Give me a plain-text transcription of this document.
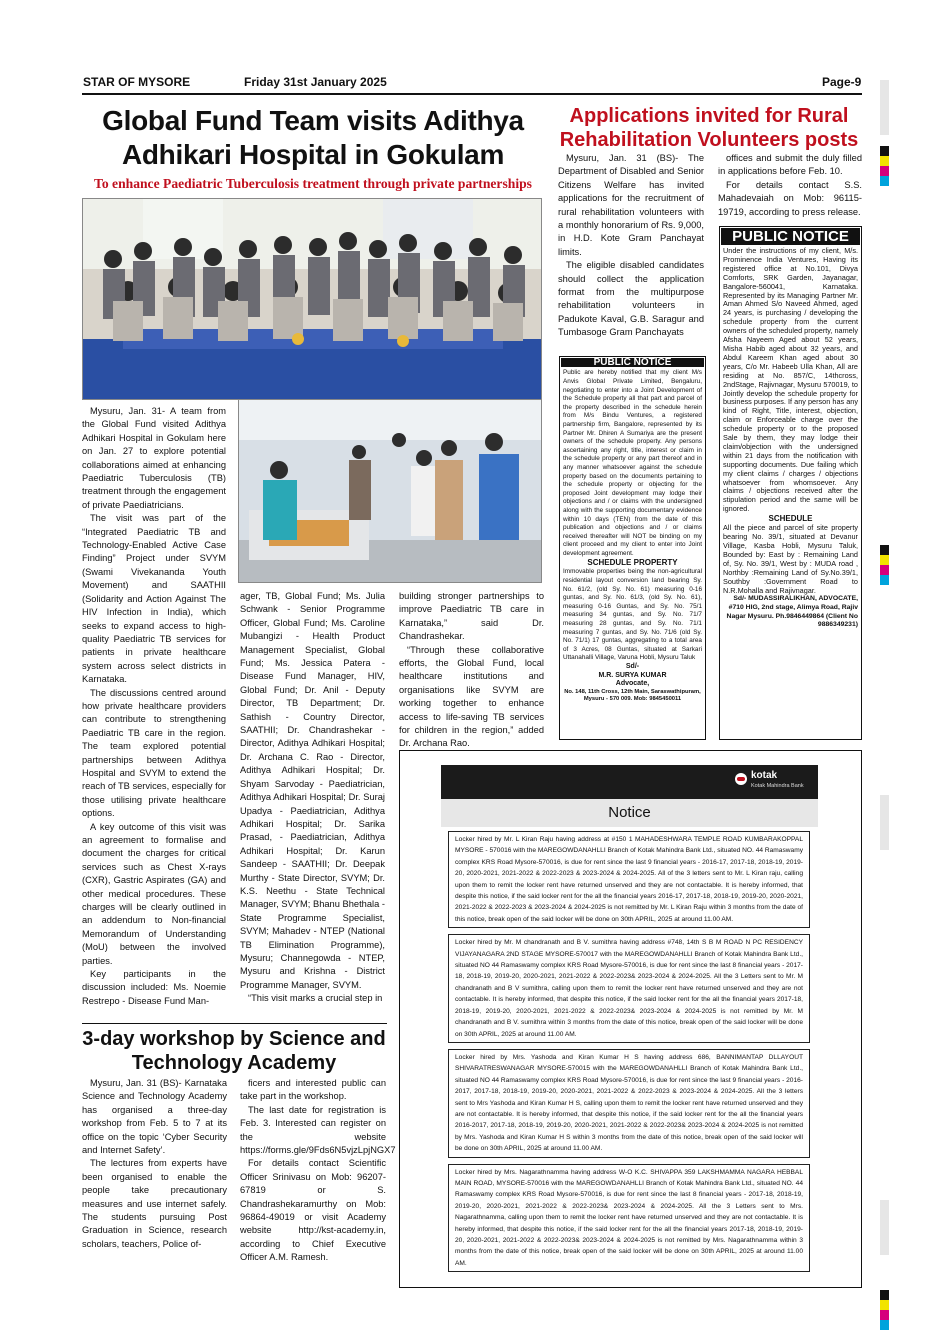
STAR OF MYSORE	Friday 31st January 2025	Page-9
Global Fund Team visits Adithya Adhikari Hospital in Gokulam
To enhance Paediatric Tuberculosis treatment through private partnerships

Mysuru, Jan. 31- A team from the Global Fund visited Adithya Adhikari Hospital in Gokulam here on Jan. 27 to explore potential collaborations aimed at enhancing Paediatric Tuberculosis (TB) treatment through the engagement of private Paediatricians.

The visit was part of the “Integrated Paediatric TB and Technology-Enabled Active Case Finding” Project under SVYM (Swami Vivekananda Youth Movement) and SAATHII (Solidarity and Action Against The HIV Infection in India), which seeks to expand access to high-quality Paediatric TB services for patients in private healthcare system across select districts in Karnataka.

The discussions centred around how private healthcare providers can contribute to strengthening Paediatric TB care in the region. The team explored potential partnerships between Adithya Hospital and SVYM to extend the reach of TB services, especially for those utilising private healthcare options.

A key outcome of this visit was an agreement to formalise and document the charges for critical services such as Chest X-rays (CXR), Gastric Aspirates (GA) and other medical procedures. These charges will be clearly outlined in an addendum to Non-financial Memorandum of Understanding (MoU) between the involved parties.

Key participants in the discussion included: Ms. Noemie Restrepo - Disease Fund Man-

ager, TB, Global Fund; Ms. Julia Schwank - Senior Programme Officer, Global Fund; Ms. Caroline Mubangizi - Health Product Management Specialist, Global Fund; Ms. Jessica Patera - Disease Fund Manager, HIV, Global Fund; Dr. Anil - Deputy Director, TB Department; Dr. Sathish - Country Director, SAATHII; Dr. Chandrashekar - Director, Adithya Adhikari Hospital; Dr. Archana C. Rao - Director, Adithya Adhikari Hospital; Dr. Shyam Sarvoday - Paediatrician, Adithya Adhikari Hospital; Dr. Suraj Upadya - Paediatrician, Adithya Adhikari Hospital; Dr. Sarika Prasad, - Paediatrician, Adithya Adhikari Hospital; Dr. Karun Sandeep - SAATHII; Dr. Deepak Murthy - State Director, SVYM; Dr. K.S. Neethu - State Technical Manager, SVYM; Bhanu Bhethala - State Programme Specialist, SVYM; Mahadev - NTEP (National TB Elimination Programme), Mysuru; Channegowda - NTEP, Mysuru and Krishna - District Programme Manager, SVYM.

“This visit marks a crucial step in

building stronger partnerships to improve Paediatric TB care in Karnataka,” said Dr. Chandrashekar.

“Through these collaborative efforts, the Global Fund, local healthcare institutions and organisations like SVYM are working together to enhance access to life-saving TB services for children in the region,” added Dr. Archana Rao.

Applications invited for Rural Rehabilitation Volunteers posts

Mysuru, Jan. 31 (BS)- The Department of Disabled and Senior Citizens Welfare has invited applications for the recruitment of rural rehabilitation volunteers with a monthly honorarium of Rs. 9,000, in H.D. Kote Gram Panchayat limits.

The eligible disabled candidates should collect the application format from the multipurpose rehabilitation volunteers in Padukote Kaval, G.B. Saragur and Tumbasoge Gram Panchayats

offices and submit the duly filled in applications before Feb. 10.

For details contact S.S. Mahadevaiah on Mob: 96115-19719, according to press release.

PUBLIC NOTICE
Public are hereby notified that my client M/s Anvis Global Private Limited, Bengaluru, negotiating to enter into a Joint Development of the Schedule property all that part and parcel of the property described in the schedule herein from M/s Bindu Ventures, a registered partnership firm, Bangalore, represented by its Partner Mr. Dhiren A Sumariya are the present owners of the schedule property. Any persons ascertaining any right, title, interest or claim in the schedule property or any part thereof and in any manner whatsoever against the schedule property based on the documents pertaining to the schedule property or objecting for the proposed Joint development may lodge their objections and / or claims with the undersigned along with the supporting documentary evidence within 10 days (TEN) from the date of this publication and objections and / or claims received thereafter will NOT be binding on my client proceed and my client to enter into Joint development agreement.
SCHEDULE PROPERTY
Immovable properties being the non-agricultural residential layout conversion land bearing Sy. No. 61/2, (old Sy. No. 61) measuring 0-16 guntas, and Sy. No. 61/3, (old Sy. No. 61), measuring 0-16 Guntas, and Sy. No. 75/1 measuring 34 guntas, and Sy. No. 71/7 measuring 28 guntas, and Sy. No. 71/1 measuring 7 guntas, and Sy. No. 71/6 (old Sy. No. 71/1) 17 guntas, aggregating to a total area of 3 Acres, 08 Guntas, situated at Sarkari Uttanahalli Village, Varuna Hobli, Mysuru Taluk
Sd/-
M.R. SURYA KUMAR
Advocate,
No. 148, 11th Cross, 12th Main, Saraswathipuram, Mysuru - 570 009. Mob: 9845450011
PUBLIC NOTICE
Under the instructions of my client, M/s. Prominence India Ventures, Having its registered office at No.101, Divya Comforts, SRK Garden, Jayanagar, Bangalore-560041, Karnataka. Represented by its Managing Partner Mr. Aman Ahmed S/o Naveed Ahmed, aged 24 years, is purchasing / developing the schedule property from the current owners of the scheduled property, namely Afsha Nayeem Aged about 52 years, Misha Habib aged about 32 years, and Abdul Kareem Khan aged about 30 years, C/o Mr. Habeeb Ulla Khan, All are residing at No. 857/C, 14thcross, 2ndStage, Rajivnagar, Mysuru 570019, to Jointly develop the schedule property for business purposes. If any person has any kind of Right, Title, interest, objection, claim or Enforceable charge over the schedule property or to the proposed Sale by them, they may lodge their claim/objection with the undersigned within 21 days from the notification with supporting documents. Due failing which my client claims / charges / objections whatsoever from whomsoever. Any claims / objections received after the stipulation period and the same will be ignored.
SCHEDULE
All the piece and parcel of site property bearing No. 39/1, situated at Devanur Village, Kasba Hobli, Mysuru Taluk, Bounded by: East by : Remaining Land of, Sy. No. 39/1, West by : MUDA road , Northby :Remaining Land of Sy.No.39/1, Southby :Government Road to N.R.Mohalla and Rajivnagar.
Sd/- MUDASSIRALIKHAN, ADVOCATE, #710 HIG, 2nd stage, Alimya Road, Rajiv Nagar Mysuru. Ph.9846449864 (Client No 9886349231)
3-day workshop by Science and Technology Academy

Mysuru, Jan. 31 (BS)- Karnataka Science and Technology Academy has organised a three-day workshop from Feb. 5 to 7 at its office on the topic ‘Cyber Security and Internet Safety’.

The lectures from experts have been organised to enable the people take precautionary measures and use internet safely. The students pursuing Post Graduation in Science, research scholars, teachers, Police of-

ficers and interested public can take part in the workshop.

The last date for registration is Feb. 3. Interested can register on the website https://forms.gle/9Fds6N5vjzLpjNGX7

For details contact Scientific Officer Srinivasu on Mob: 96207-67819 or S. Chandrashekaramurthy on Mob: 96864-49019 or visit Academy website http://kst-academy.in, according to Chief Executive Officer A.M. Ramesh.

kotak
Kotak Mahindra Bank
Notice
Locker hired by Mr. L Kiran Raju having address at #150 1 MAHADESHWARA TEMPLE ROAD KUMBARAKOPPAL MYSORE - 570016 with the MAREGOWDANAHLLI Branch of Kotak Mahindra Bank Ltd., situated NO. 44 Ramaswamy complex KRS Road Mysore-570016, is due for rent since the last 9 financial years - 2016-17, 2017-18, 2018-19, 2019-20, 2020-2021, 2021-2022 & 2022-2023 & 2023-2024 & 2024-2025. All of the 3 letters sent to Mr. L Kiran raju, calling upon them to remit the locker rent have returned unserved and they are not contactable. It is hereby informed, that despite this notice, if the said locker rent for the all the financial years 2016-17, 2017-18, 2018-19, 2019-20, 2020-2021, 2021-2022 & 2022-2023 & 2023-2024 & 2024-2025 is not remitted by Mr. L Kiran Raju within 3 months from the date of this notice, break open of the said locker will be done on 30th APRIL, 2025 at around 11.00 AM.
Locker hired by Mr. M chandranath and B V. sumithra having address #748, 14th S B M ROAD N PC RESIDENCY VIJAYANAGARA 2ND STAGE MYSORE-570017 with the MAREGOWDANAHLLI Branch of Kotak Mahindra Bank Ltd., situated NO 44 Ramaswamy complex KRS Road Mysore-570016, is due for rent since the last 8 financial years - 2017-18, 2018-19, 2019-20, 2020-2021, 2021-2022 & 2022-2023& 2023-2024 & 2024-2025. All the 3 Letters sent to Mr. M chandranath and B V sumithra, calling upon them to remit the locker rent have returned unserved and they are not contactable. It is hereby informed, that despite this notice, if the said locker rent for the all the financial years 2017-18, 2018-19, 2019-20, 2020-2021, 2021-2022 & 2022-2023& 2023-2024 & 2024-2025 is not remitted by Mr. M chandranath and B V. sumithra within 3 months from the date of this notice, break open of the said locker will be done on 30th APRIL, 2025 at around 11.00 AM.
Locker hired by Mrs. Yashoda and Kiran Kumar H S having address 686, BANNIMANTAP DLLAYOUT SHIVARATRESWANAGAR MYSORE-570015 with the MAREGOWDANAHLLI Branch of Kotak Mahindra Bank Ltd., situated NO 44 Ramaswamy complex KRS Road Mysore-570016, is due for rent since the last 9 financial years - 2016-2017, 2017-18, 2018-19, 2019-20, 2020-2021, 2021-2022 & 2022-2023 & 2023-2024 & 2024-2025. All the 3 letters sent to Mrs Yashoda and Kiran Kumar H S, calling upon them to remit the locker rent have returned unserved and they are not contactable. It is hereby informed, that despite this notice, if the said locker rent for the all the financial years 2016-2017, 2017-18, 2018-19, 2019-20, 2020-2021, 2021-2022 & 2022-2023& 2023-2024 & 2024-2025 is not remitted by Mrs. Yashoda and Kiran Kumar H S within 3 months from the date of this notice, break open of the said locker will be done on 30th APRIL, 2025 at around 11.00 AM.
Locker hired by Mrs. Nagarathnamma having address W-O K.C. SHIVAPPA 359 LAKSHMAMMA NAGARA HEBBAL MAIN ROAD, MYSORE-570016 with the MAREGOWDANAHLLI Branch of Kotak Mahindra Bank Ltd., situated NO. 44 Ramaswamy complex KRS Road Mysore-570016, is due for rent since the last 8 financial years - 2017-18, 2018-19, 2019-20, 2020-2021, 2021-2022 & 2022-2023& 2023-2024 & 2024-2025. All the 3 Letters sent to Mrs. Nagarathnamma, calling upon them to remit the locker rent have returned unserved and they are not contactable. It is hereby informed, that despite this notice, if the said locker rent for the all the financial years 2017-18, 2018-19, 2019-20, 2020-2021, 2021-2022 & 2022-2023& 2023-2024 & 2024-2025 is not remitted by Mrs. Nagarathnamma within 3 months from the date of this notice, break open of the said locker will be done on 30th APRIL, 2025 at around 11.00 AM.
